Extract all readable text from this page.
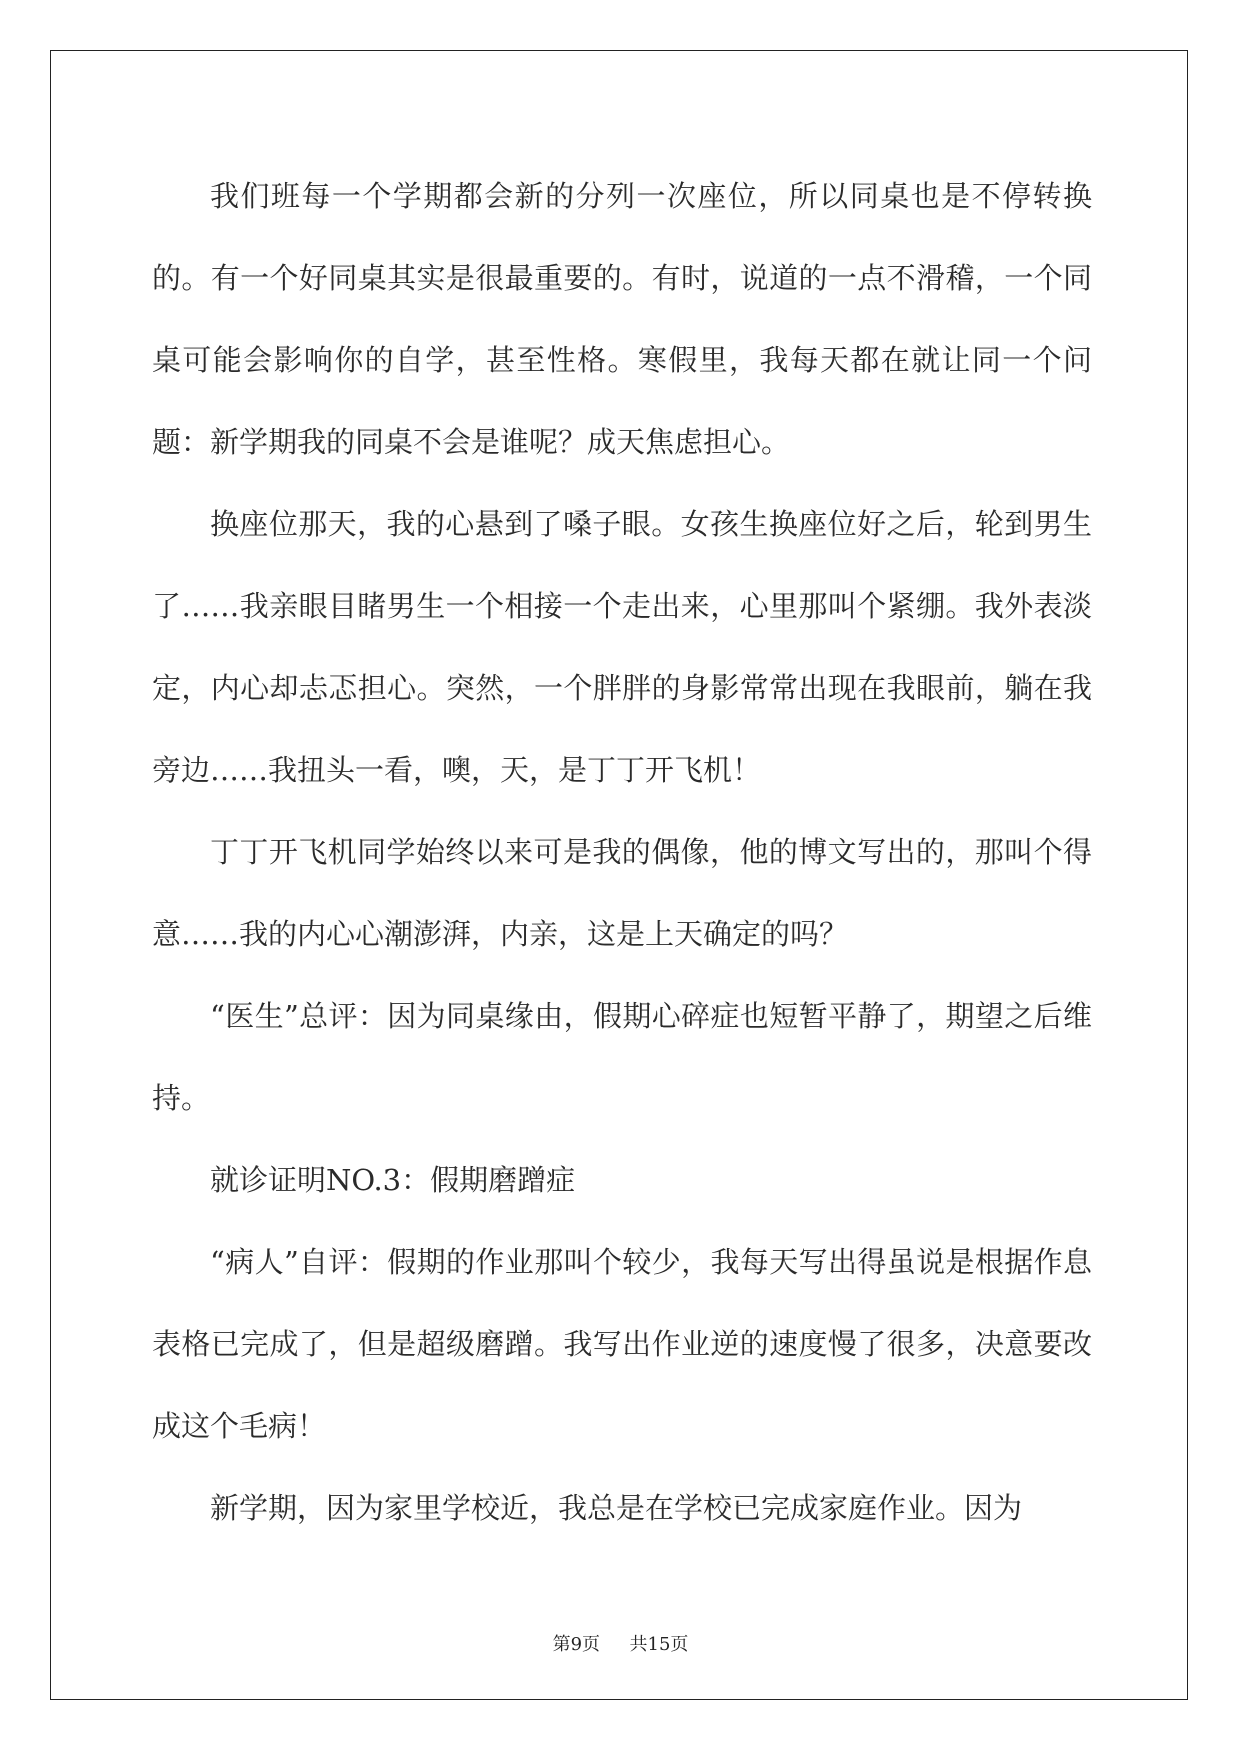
我们班每一个学期都会新的分列一次座位，所以同桌也是不停转换的。有一个好同桌其实是很最重要的。有时，说道的一点不滑稽，一个同桌可能会影响你的自学，甚至性格。寒假里，我每天都在就让同一个问题：新学期我的同桌不会是谁呢？成天焦虑担心。

换座位那天，我的心悬到了嗓子眼。女孩生换座位好之后，轮到男生了……我亲眼目睹男生一个相接一个走出来，心里那叫个紧绷。我外表淡定，内心却忐忑担心。突然，一个胖胖的身影常常出现在我眼前，躺在我旁边……我扭头一看，噢，天，是丁丁开飞机！

丁丁开飞机同学始终以来可是我的偶像，他的博文写出的，那叫个得意……我的内心心潮澎湃，内亲，这是上天确定的吗？

“医生”总评：因为同桌缘由，假期心碎症也短暂平静了，期望之后维持。

就诊证明NO.3：假期磨蹭症

“病人”自评：假期的作业那叫个较少，我每天写出得虽说是根据作息表格已完成了，但是超级磨蹭。我写出作业逆的速度慢了很多，决意要改成这个毛病！

新学期，因为家里学校近，我总是在学校已完成家庭作业。因为

第9页 共15页
